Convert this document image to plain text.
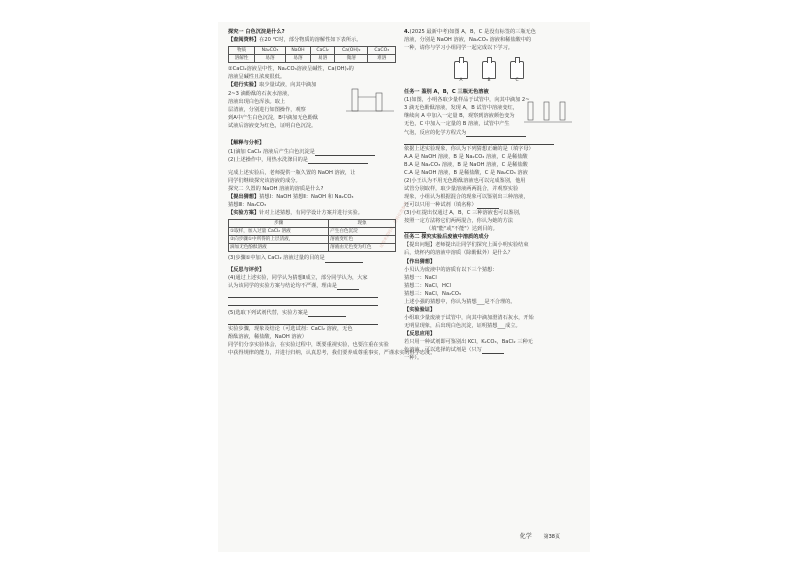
试卷来源网站，资料仅供参考
探究一 白色沉淀是什么?
【查阅资料】在20 ℃时，部分物质的溶解性如下表所示。
物质	Na₂CO₃	NaOH	CaCl₂	Ca(OH)₂	CaCO₃
溶解性	易溶	易溶	易溶	微溶	难溶
②CaCl₂溶液呈中性，Na₂CO₃溶液呈碱性，Ca(OH)₂的
溶液呈碱性且浓度很低。
【进行实验】取少量试液，向其中滴加
2~3 滴酚酞的石灰水溶液，
溶液出现白色浑浊。取上
层清液，分别进行如图操作，观察
到A中产生白色沉淀，B中滴加无色酚酞
试液后溶液变为红色，证明白色沉淀。
【解释与分析】
(1)滴加 CaCl₂ 溶液后产生白色沉淀是
(2)上述操作中，用热水洗涤目的是
完成上述实验后，老师提供一瓶久置的 NaOH 溶液，让
同学们继续探究该溶液的成分。
探究二 久置的 NaOH 溶液的溶质是什么?
【提出猜想】猜想Ⅰ：NaOH 猜想Ⅱ：NaOH 和 Na₂CO₃
猜想Ⅲ：Na₂CO₃
【实验方案】针对上述猜想，有同学设计方案并进行实验。
步骤	现象
①取样，加入过量 CaCl₂ 溶液	产生白色沉淀
②向步骤①中所得的上层清液，	溶液变红色
滴加无色酚酞溶液	溶液由无色变为红色
(3)步骤①中加入 CaCl₂ 溶液过量的目的是
【反思与评价】
(4)通过上述实验，同学认为猜想Ⅱ成立，部分同学认为，大家
认为该同学的实验方案与结论均不严谨，理由是
(5)选取下列试剂代替，实验方案是
实验步骤，现象及结论（可选试剂：CaCl₂ 溶液，无色
酚酞溶液，稀盐酸，NaOH 溶液）
同学们分享实验体会，在实验过程中，既要重视实验，也要注重在实验
中获得规律的能力，并进行归纳，认真思考，我们要养成尊重事实，严谨求实的科学态度。
4.(2025 最新中考)如图 A，B，C 是没有标签的三瓶无色
溶液，分别是 NaOH 溶液，Na₂CO₃ 溶液和稀盐酸中的
一种，请你与学习小组同学一起完成以下学习。
A	B	C
任务一 鉴别 A，B，C 三瓶无色溶液
(1)如图，小明各取少量样品于试管中，向其中滴加 2~
3 滴无色酚酞溶液，发现 A，B 试管中溶液变红，
继续向 A 中加入一定量 B，观察到溶液颜色变为
无色，C 中加入一定量的 B 溶液，试管中产生
气泡，反应的化学方程式为
依据上述实验现象，你认为下列猜想正确的是（填字母）
A.A 是 NaOH 溶液，B 是 Na₂CO₃ 溶液，C 是稀盐酸
B.A 是 Na₂CO₃ 溶液，B 是 NaOH 溶液，C 是稀盐酸
C.A 是 NaOH 溶液，B 是稀盐酸，C 是 Na₂CO₃ 溶液
(2)小王认为不用无色酚酞溶液也可以完成鉴别，他用
试管分别取样，取少量溶液两两混合，并观察实验
现象，小组认为根据混合的现象可以鉴别出三种溶液，
还可以只用一种试剂（填名称）
(3)小红提出仅通过 A，B，C 三种溶液也可以鉴别，
按照一定方法将它们两两混合，你认为她的方法
（填"能"或"不能"）达到目的。
任务二 探究实验后废液中溶质的成分
【提出问题】老师提出让同学们探究上面小明实验结束
后，烧杯内的溶液中溶质（除酚酞外）是什么？
【作出猜想】
小贝认为废液中的溶质有以下三个猜想：
猜想一：NaCl
猜想二：NaCl，HCl
猜想三：NaCl，Na₂CO₃
上述小强的猜想中，你认为猜想___是不合理的。
【实验验证】
小组取少量废液于试管中，向其中滴加澄清石灰水，开始
无明显现象，后出现白色沉淀，证明猜想___成立。
【反思应用】
若只用一种试剂即可鉴别出 KCl，K₂CO₃，BaCl₂ 三种无
色溶液，可以选择的试剂是（只写
一种）。
化学 第38页
